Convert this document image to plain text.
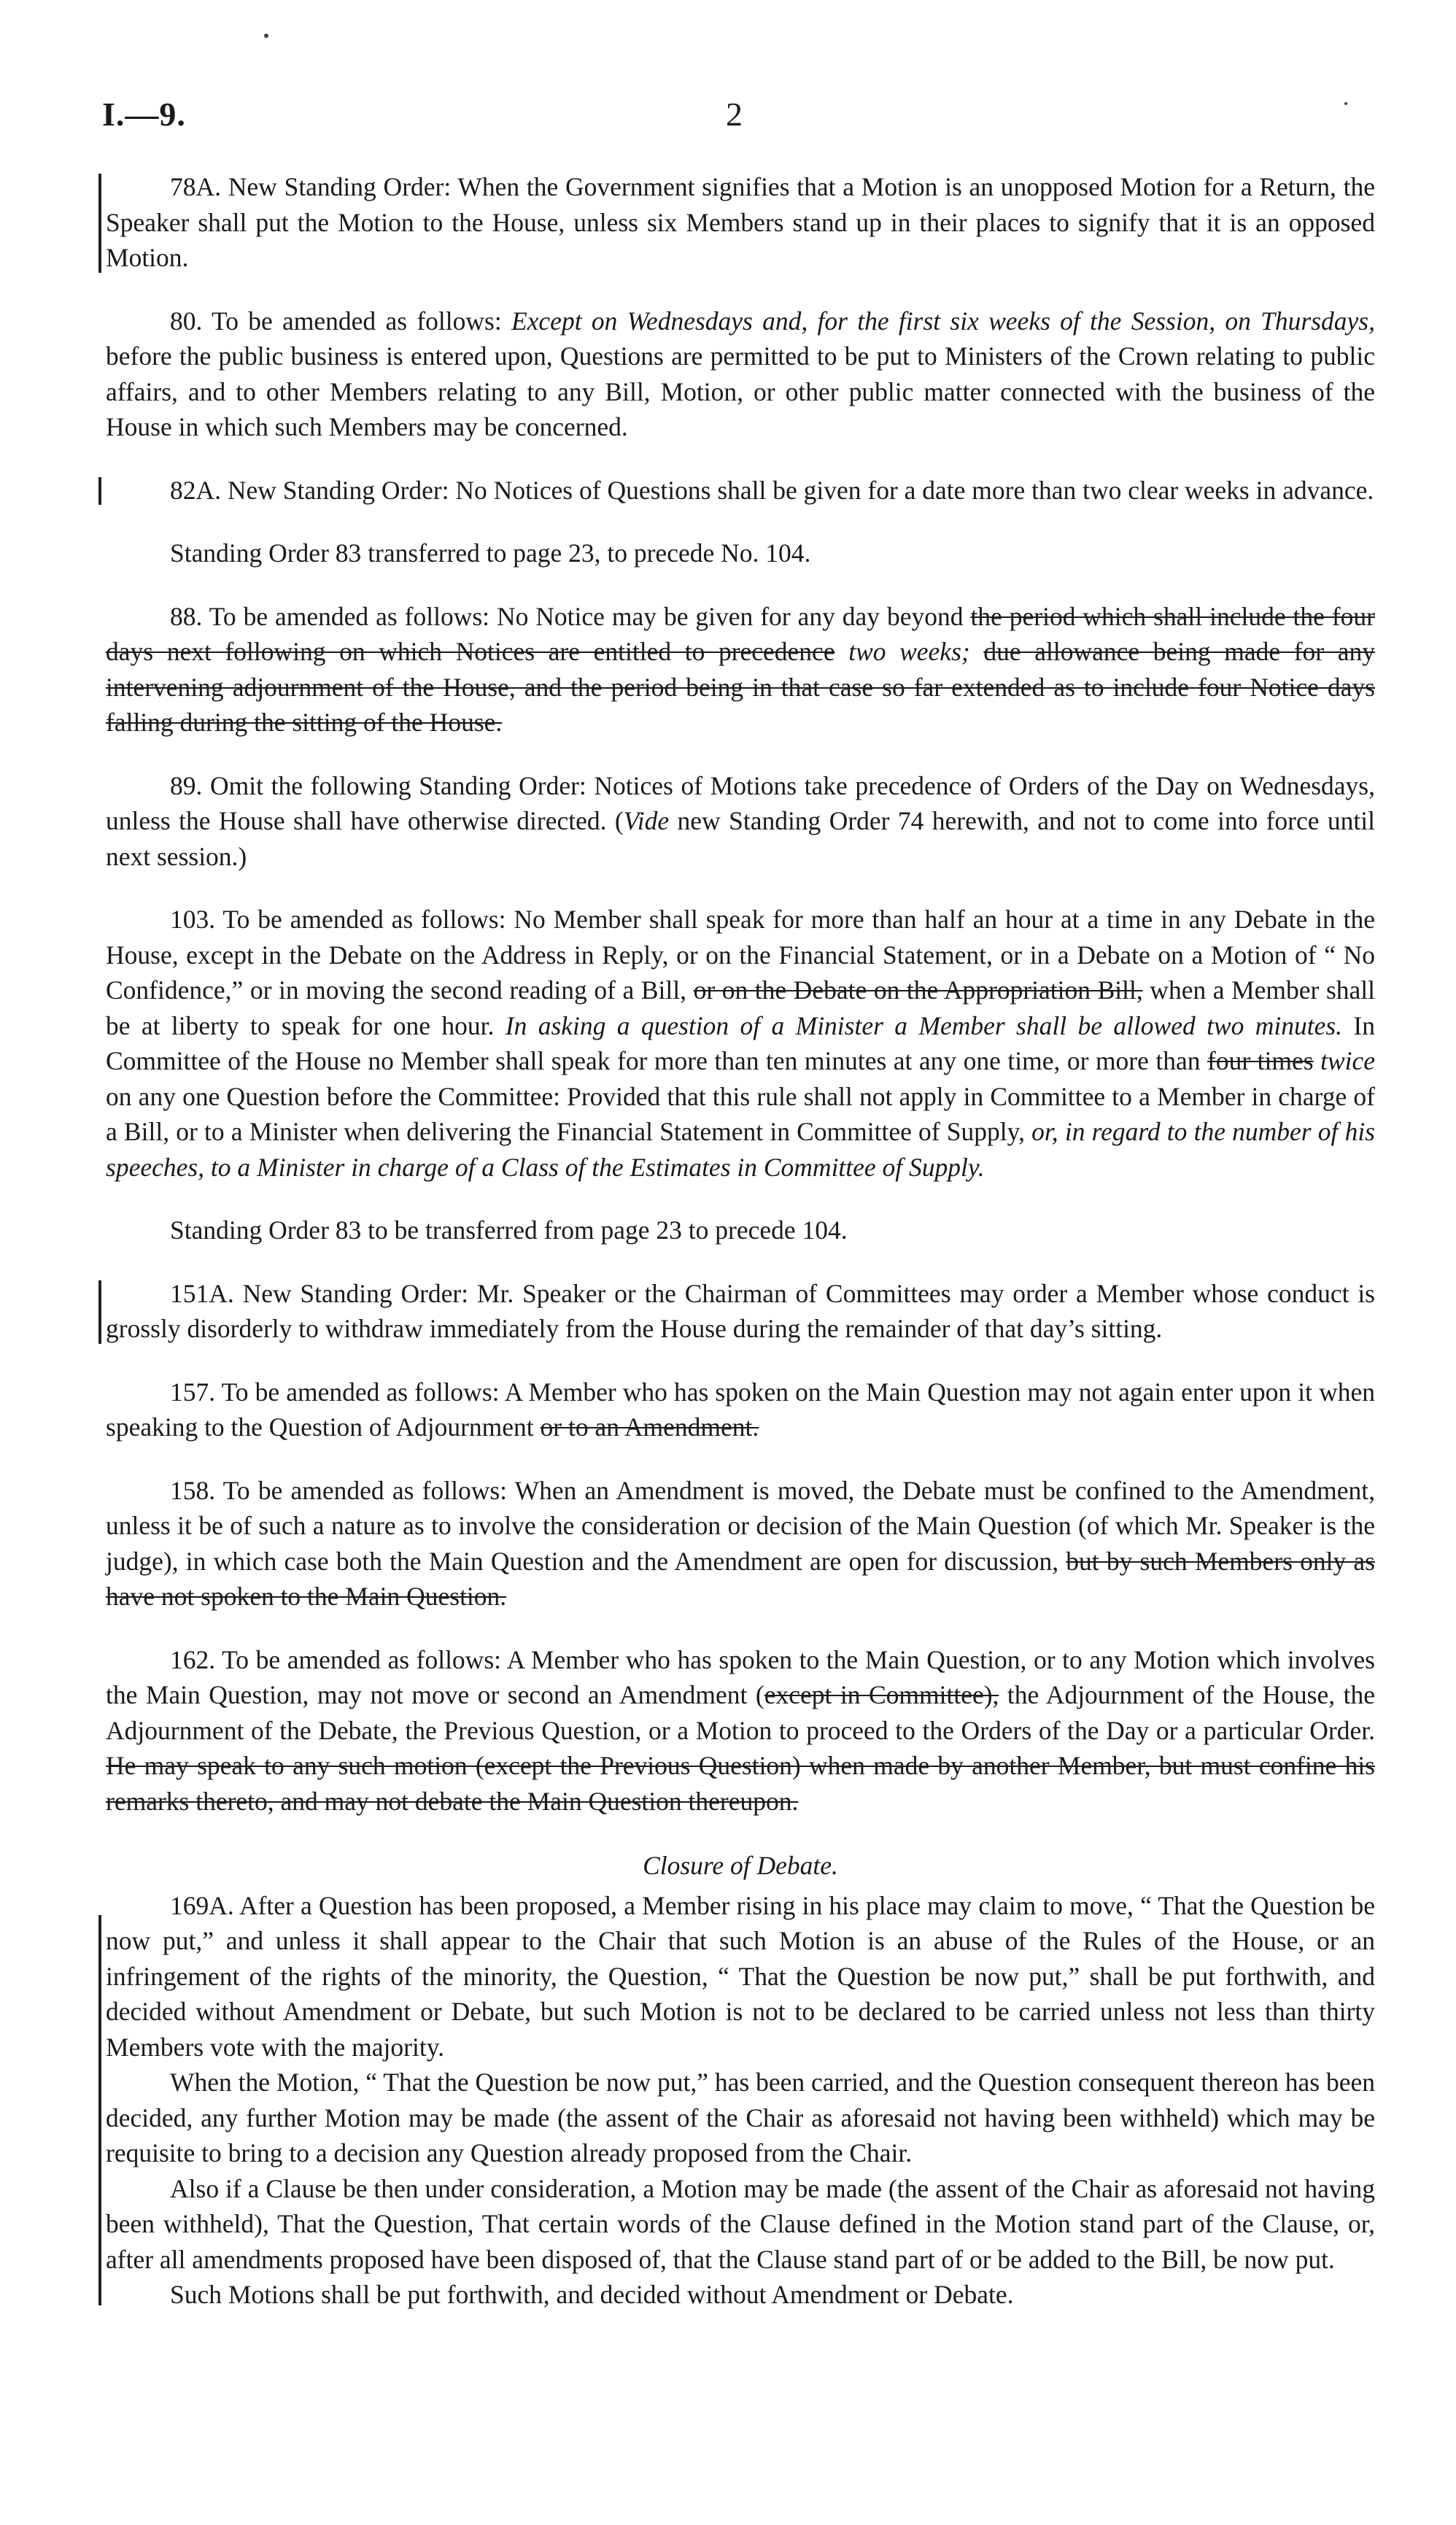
I.—9.	2

78A. New Standing Order: When the Government signifies that a Motion is an unopposed Motion for a Return, the Speaker shall put the Motion to the House, unless six Members stand up in their places to signify that it is an opposed Motion.

80. To be amended as follows: Except on Wednesdays and, for the first six weeks of the Session, on Thursdays, before the public business is entered upon, Questions are permitted to be put to Ministers of the Crown relating to public affairs, and to other Members relating to any Bill, Motion, or other public matter connected with the business of the House in which such Members may be concerned.

82A. New Standing Order: No Notices of Questions shall be given for a date more than two clear weeks in advance.

Standing Order 83 transferred to page 23, to precede No. 104.

88. To be amended as follows: No Notice may be given for any day beyond the period which shall include the four days next following on which Notices are entitled to precedence two weeks; due allowance being made for any intervening adjournment of the House, and the period being in that case so far extended as to include four Notice days falling during the sitting of the House.

89. Omit the following Standing Order: Notices of Motions take precedence of Orders of the Day on Wednesdays, unless the House shall have otherwise directed. (Vide new Standing Order 74 herewith, and not to come into force until next session.)

103. To be amended as follows: No Member shall speak for more than half an hour at a time in any Debate in the House, except in the Debate on the Address in Reply, or on the Financial Statement, or in a Debate on a Motion of “ No Confidence,” or in moving the second reading of a Bill, or on the Debate on the Appropriation Bill, when a Member shall be at liberty to speak for one hour. In asking a question of a Minister a Member shall be allowed two minutes. In Committee of the House no Member shall speak for more than ten minutes at any one time, or more than four times twice on any one Question before the Committee: Provided that this rule shall not apply in Committee to a Member in charge of a Bill, or to a Minister when delivering the Financial Statement in Committee of Supply, or, in regard to the number of his speeches, to a Minister in charge of a Class of the Estimates in Committee of Supply.

Standing Order 83 to be transferred from page 23 to precede 104.

151A. New Standing Order: Mr. Speaker or the Chairman of Committees may order a Member whose conduct is grossly disorderly to withdraw immediately from the House during the remainder of that day’s sitting.

157. To be amended as follows: A Member who has spoken on the Main Question may not again enter upon it when speaking to the Question of Adjournment or to an Amendment.

158. To be amended as follows: When an Amendment is moved, the Debate must be confined to the Amendment, unless it be of such a nature as to involve the consideration or decision of the Main Question (of which Mr. Speaker is the judge), in which case both the Main Question and the Amendment are open for discussion, but by such Members only as have not spoken to the Main Question.

162. To be amended as follows: A Member who has spoken to the Main Question, or to any Motion which involves the Main Question, may not move or second an Amendment (except in Committee), the Adjournment of the House, the Adjournment of the Debate, the Previous Question, or a Motion to proceed to the Orders of the Day or a particular Order. He may speak to any such motion (except the Previous Question) when made by another Member, but must confine his remarks thereto, and may not debate the Main Question thereupon.

Closure of Debate.

169A. After a Question has been proposed, a Member rising in his place may claim to move, “ That the Question be now put,” and unless it shall appear to the Chair that such Motion is an abuse of the Rules of the House, or an infringement of the rights of the minority, the Question, “ That the Question be now put,” shall be put forthwith, and decided without Amendment or Debate, but such Motion is not to be declared to be carried unless not less than thirty Members vote with the majority.

When the Motion, “ That the Question be now put,” has been carried, and the Question consequent thereon has been decided, any further Motion may be made (the assent of the Chair as aforesaid not having been withheld) which may be requisite to bring to a decision any Question already proposed from the Chair.

Also if a Clause be then under consideration, a Motion may be made (the assent of the Chair as aforesaid not having been withheld), That the Question, That certain words of the Clause defined in the Motion stand part of the Clause, or, after all amendments proposed have been disposed of, that the Clause stand part of or be added to the Bill, be now put.

Such Motions shall be put forthwith, and decided without Amendment or Debate.
